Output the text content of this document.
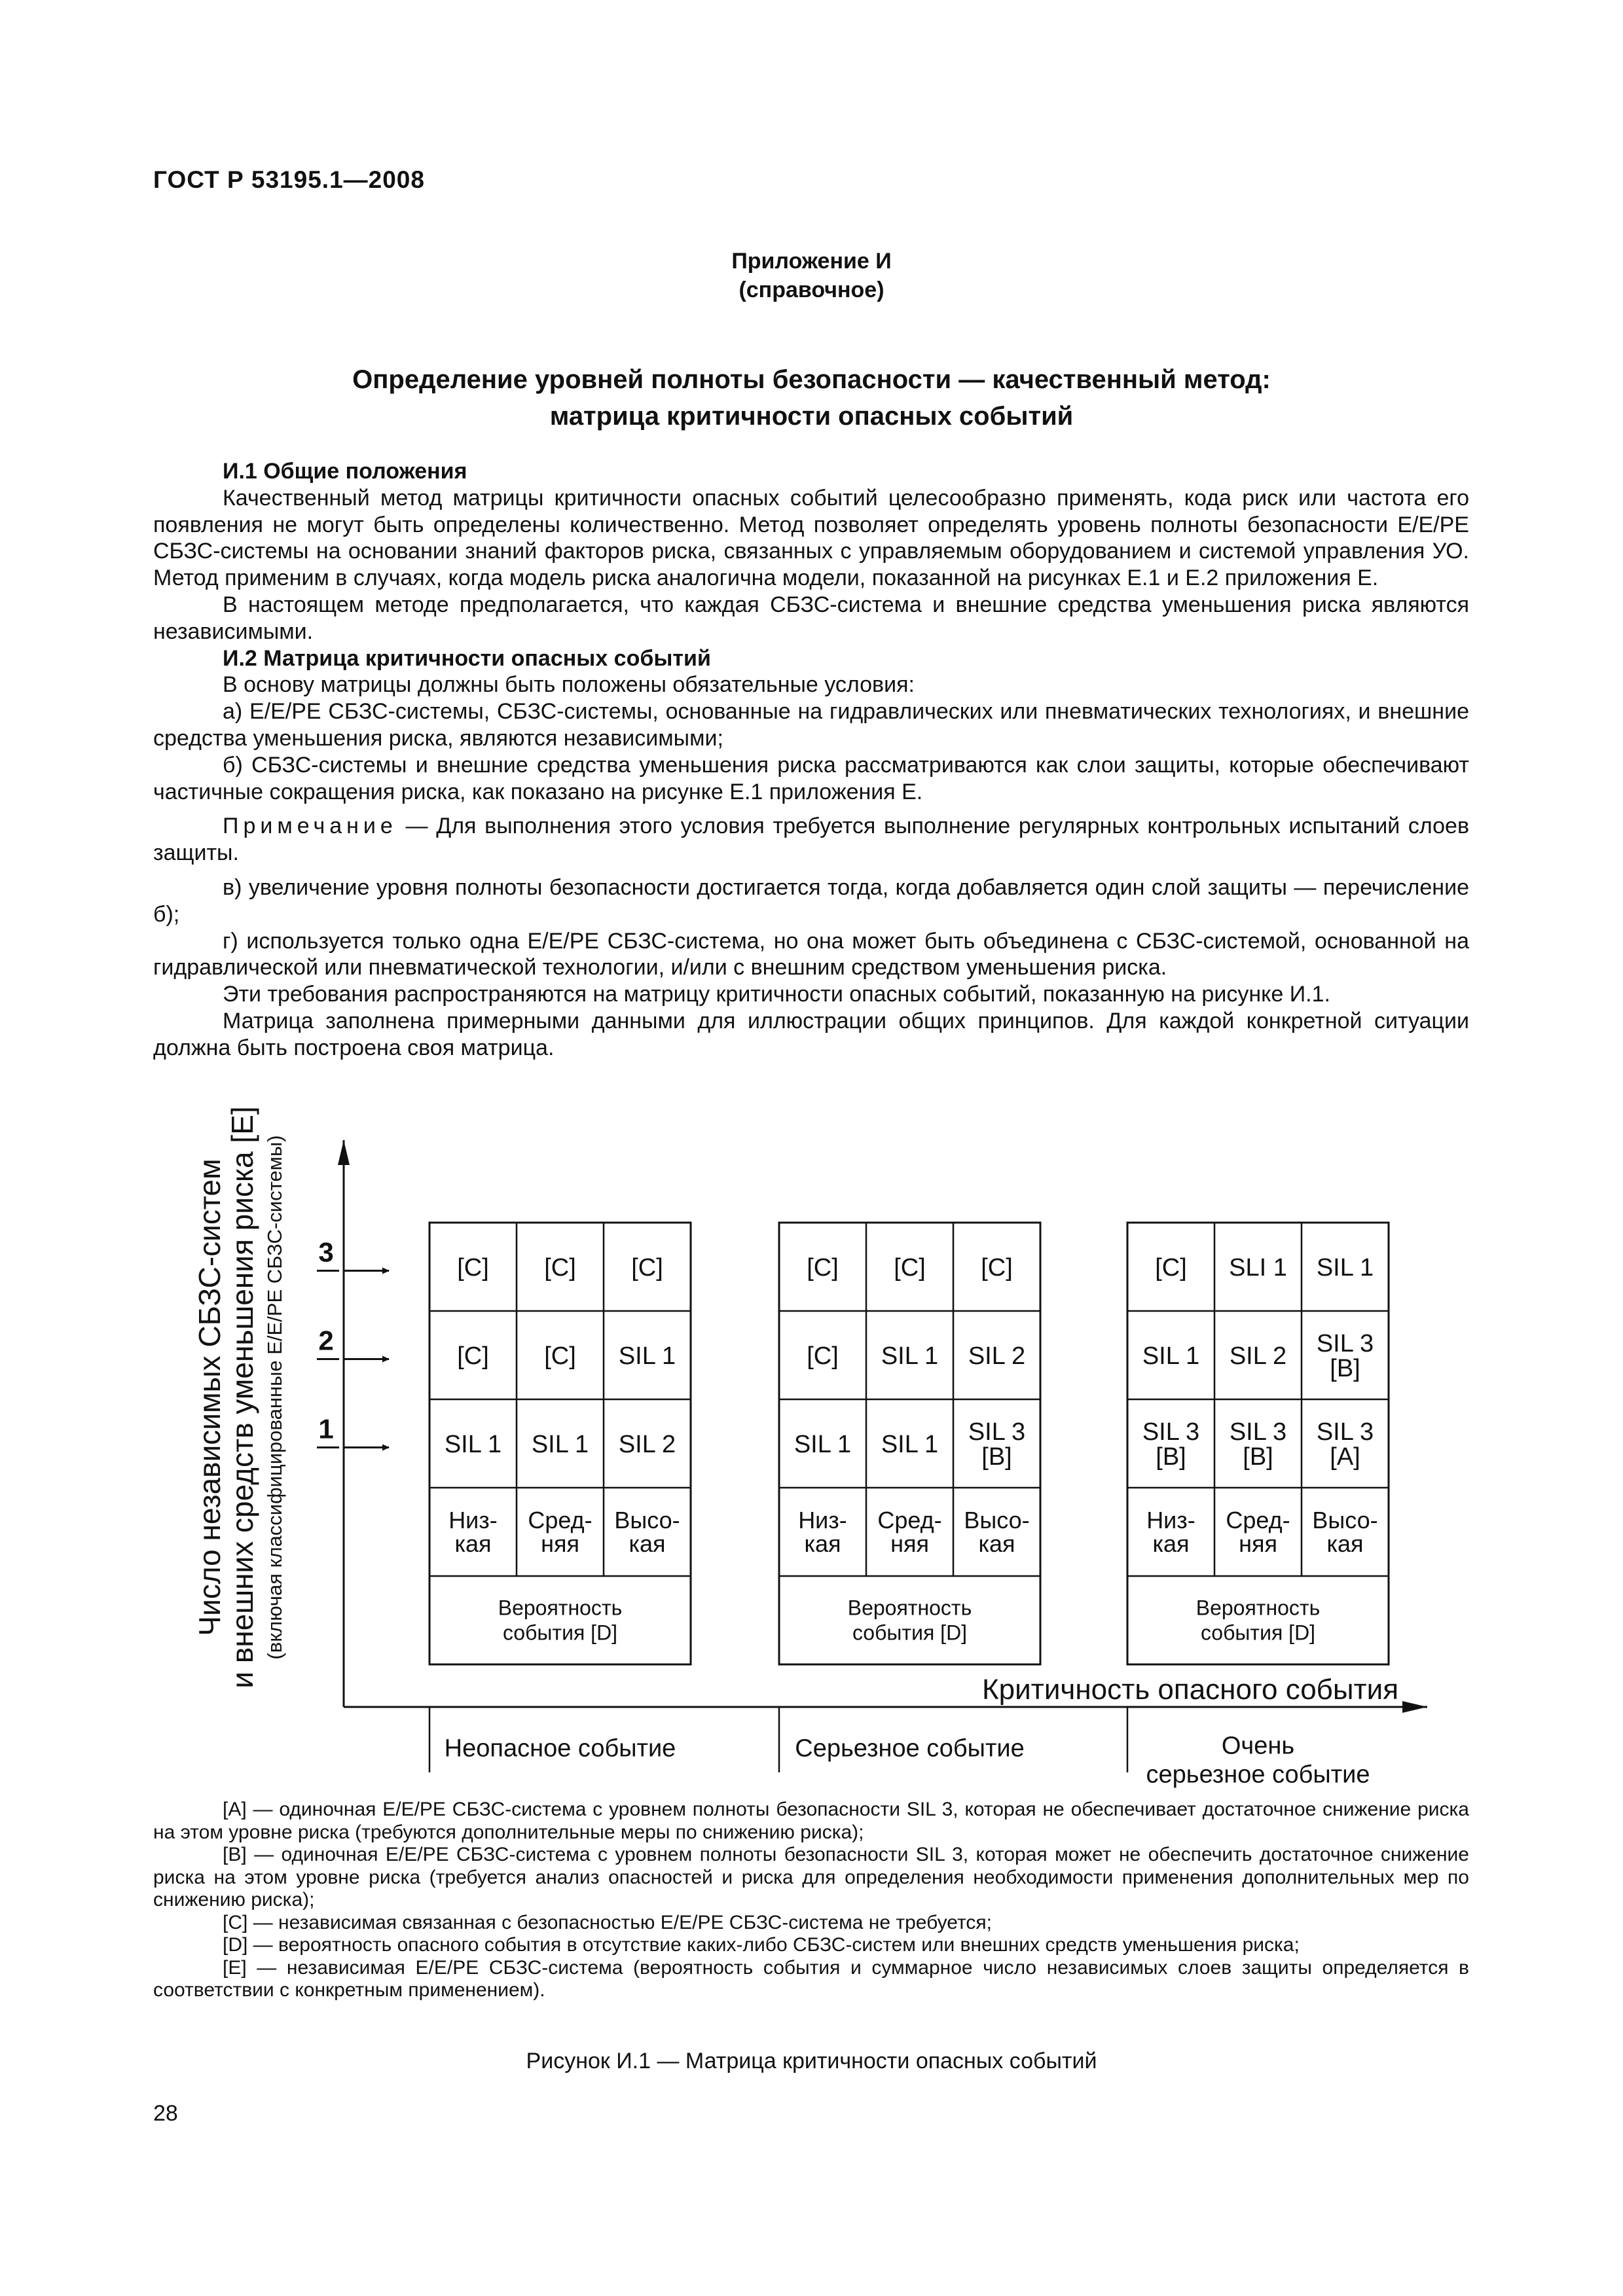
ГОСТ Р 53195.1—2008
Приложение И
(справочное)
Определение уровней полноты безопасности — качественный метод:
матрица критичности опасных событий

И.1 Общие положения

Качественный метод матрицы критичности опасных событий целесообразно применять, кода риск или частота его появления не могут быть определены количественно. Метод позволяет определять уровень полноты безопасности Е/Е/РЕ СБЗС-системы на основании знаний факторов риска, связанных с управляемым оборудованием и системой управления УО. Метод применим в случаях, когда модель риска аналогична модели, показанной на рисунках Е.1 и Е.2 приложения Е.

В настоящем методе предполагается, что каждая СБЗС-система и внешние средства уменьшения риска являются независимыми.

И.2 Матрица критичности опасных событий

В основу матрицы должны быть положены обязательные условия:

а) Е/Е/РЕ СБЗС-системы, СБЗС-системы, основанные на гидравлических или пневматических технологиях, и внешние средства уменьшения риска, являются независимыми;

б) СБЗС-системы и внешние средства уменьшения риска рассматриваются как слои защиты, которые обеспечивают частичные сокращения риска, как показано на рисунке Е.1 приложения Е.

Примечание — Для выполнения этого условия требуется выполнение регулярных контрольных испытаний слоев защиты.

в) увеличение уровня полноты безопасности достигается тогда, когда добавляется один слой защиты — перечисление б);

г) используется только одна Е/Е/РЕ СБЗС-система, но она может быть объединена с СБЗС-системой, основанной на гидравлической или пневматической технологии, и/или с внешним средством уменьшения риска.

Эти требования распространяются на матрицу критичности опасных событий, показанную на рисунке И.1.

Матрица заполнена примерными данными для иллюстрации общих принципов. Для каждой конкретной ситуации должна быть построена своя матрица.

Число независимых СБЗС-систем
и внешних средств уменьшения риска [E] (включая классифицированные E/E/PE СБЗС-системы)
Критичность опасного события
3
2
1
[C] [C] [C]
[C] [C] SIL 1
SIL 1 SIL 1 SIL 2
Низ-
кая
Сред-
няя
Высо-
кая
Вероятность
события [D]
Неопасное событие
[C] [C] [C]
[C] SIL 1 SIL 2
SIL 1 SIL 1 SIL 3
[B]
Низ-
кая
Сред-
няя
Высо-
кая
Вероятность
события [D]
Серьезное событие
[C] SLI 1 SIL 1
SIL 1 SIL 2 SIL 3
[B]
SIL 3
[B]
SIL 3
[B]
SIL 3
[A]
Низ-
кая
Сред-
няя
Высо-
кая
Вероятность
события [D]
Очень
серьезное событие

[A] — одиночная Е/Е/РЕ СБЗС-система с уровнем полноты безопасности SIL 3, которая не обеспечивает достаточное снижение риска на этом уровне риска (требуются дополнительные меры по снижению риска);

[B] — одиночная Е/Е/РЕ СБЗС-система с уровнем полноты безопасности SIL 3, которая может не обеспечить достаточное снижение риска на этом уровне риска (требуется анализ опасностей и риска для определения необходимости применения дополнительных мер по снижению риска);

[C] — независимая связанная с безопасностью Е/Е/РЕ СБЗС-система не требуется;

[D] — вероятность опасного события в отсутствие каких-либо СБЗС-систем или внешних средств уменьшения риска;

[E] — независимая Е/Е/РЕ СБЗС-система (вероятность события и суммарное число независимых слоев защиты определяется в соответствии с конкретным применением).

Рисунок И.1 — Матрица критичности опасных событий
28
